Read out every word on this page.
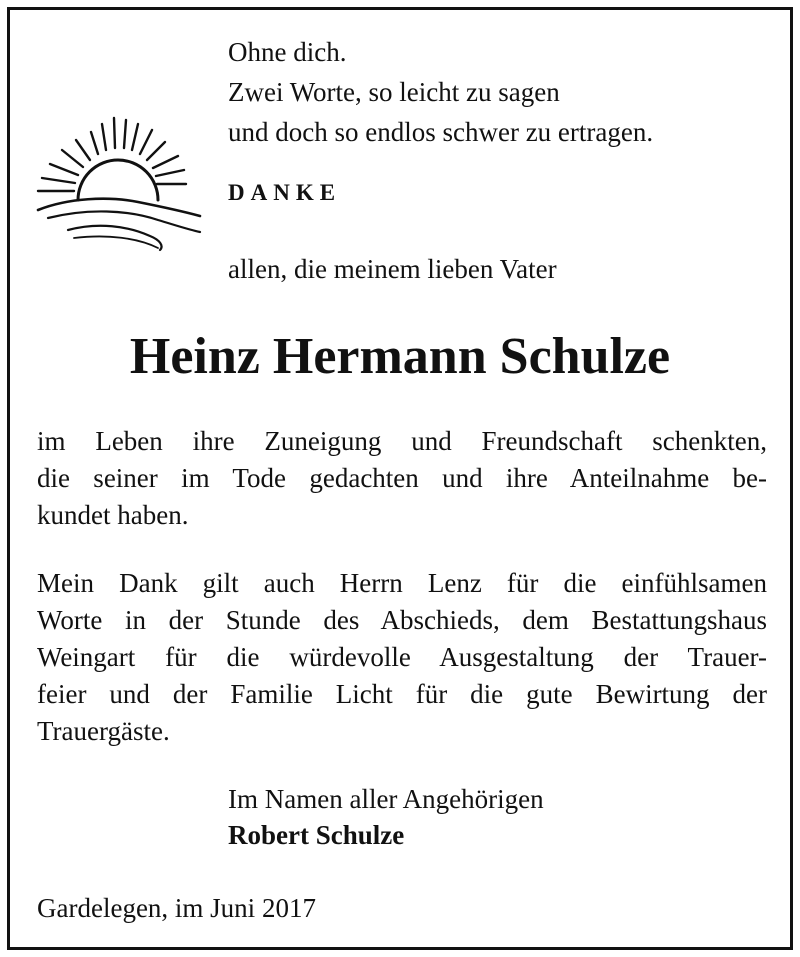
Ohne dich.
Zwei Worte, so leicht zu sagen
und doch so endlos schwer zu ertragen.
DANKE
allen, die meinem lieben Vater
Heinz Hermann Schulze
im Leben ihre Zuneigung und Freundschaft schenkten,
die seiner im Tode gedachten und ihre Anteilnahme be-
kundet haben.
Mein Dank gilt auch Herrn Lenz für die einfühlsamen
Worte in der Stunde des Abschieds, dem Bestattungshaus
Weingart für die würdevolle Ausgestaltung der Trauer-
feier und der Familie Licht für die gute Bewirtung der
Trauergäste.
Im Namen aller Angehörigen
Robert Schulze
Gardelegen, im Juni 2017
